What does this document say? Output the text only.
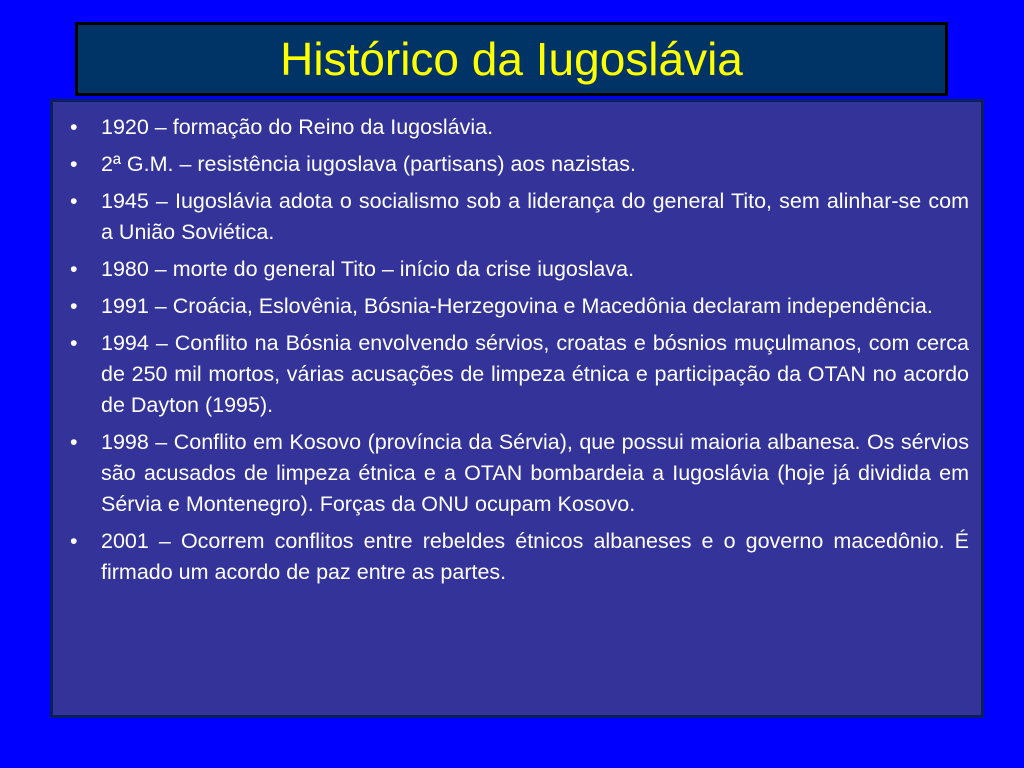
Histórico da Iugoslávia
•	1920 – formação do Reino da Iugoslávia.
•	2ª G.M. – resistência iugoslava (partisans) aos nazistas.
•	1945 – Iugoslávia adota o socialismo sob a liderança do general Tito, sem alinhar-se com a União Soviética.
•	1980 – morte do general Tito – início da crise iugoslava.
•	1991 – Croácia, Eslovênia, Bósnia-Herzegovina e Macedônia declaram independência.
•	1994 – Conflito na Bósnia envolvendo sérvios, croatas e bósnios muçulmanos, com cerca de 250 mil mortos, várias acusações de limpeza étnica e participação da OTAN no acordo de Dayton (1995).
•	1998 – Conflito em Kosovo (província da Sérvia), que possui maioria albanesa. Os sérvios são acusados de limpeza étnica e a OTAN bombardeia a Iugoslávia (hoje já dividida em Sérvia e Montenegro). Forças da ONU ocupam Kosovo.
•	2001 – Ocorrem conflitos entre rebeldes étnicos albaneses e o governo macedônio. É firmado um acordo de paz entre as partes.
